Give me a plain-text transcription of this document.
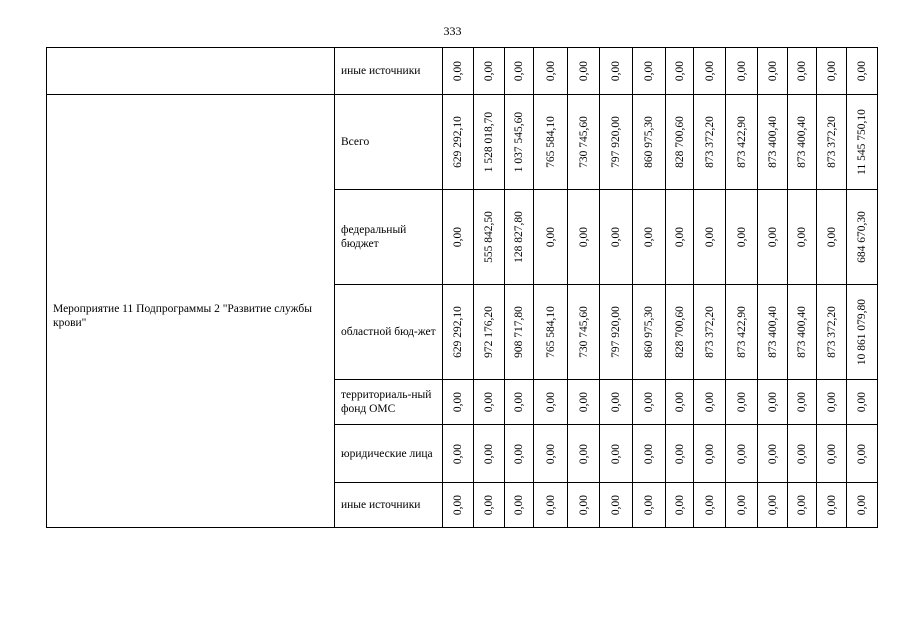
333
	иные источники	0,00	0,00	0,00	0,00	0,00	0,00	0,00	0,00	0,00	0,00	0,00	0,00	0,00	0,00

Мероприятие 11 Подпрограммы 2 "Развитие службы крови"	Всего	629 292,10	1 528 018,70	1 037 545,60	765 584,10	730 745,60	797 920,00	860 975,30	828 700,60	873 372,20	873 422,90	873 400,40	873 400,40	873 372,20	11 545 750,10

	федеральный бюджет	0,00	555 842,50	128 827,80	0,00	0,00	0,00	0,00	0,00	0,00	0,00	0,00	0,00	0,00	684 670,30

	областной бюд-жет	629 292,10	972 176,20	908 717,80	765 584,10	730 745,60	797 920,00	860 975,30	828 700,60	873 372,20	873 422,90	873 400,40	873 400,40	873 372,20	10 861 079,80

	территориаль-ный фонд ОМС	0,00	0,00	0,00	0,00	0,00	0,00	0,00	0,00	0,00	0,00	0,00	0,00	0,00	0,00

	юридические лица	0,00	0,00	0,00	0,00	0,00	0,00	0,00	0,00	0,00	0,00	0,00	0,00	0,00	0,00

	иные источники	0,00	0,00	0,00	0,00	0,00	0,00	0,00	0,00	0,00	0,00	0,00	0,00	0,00	0,00
